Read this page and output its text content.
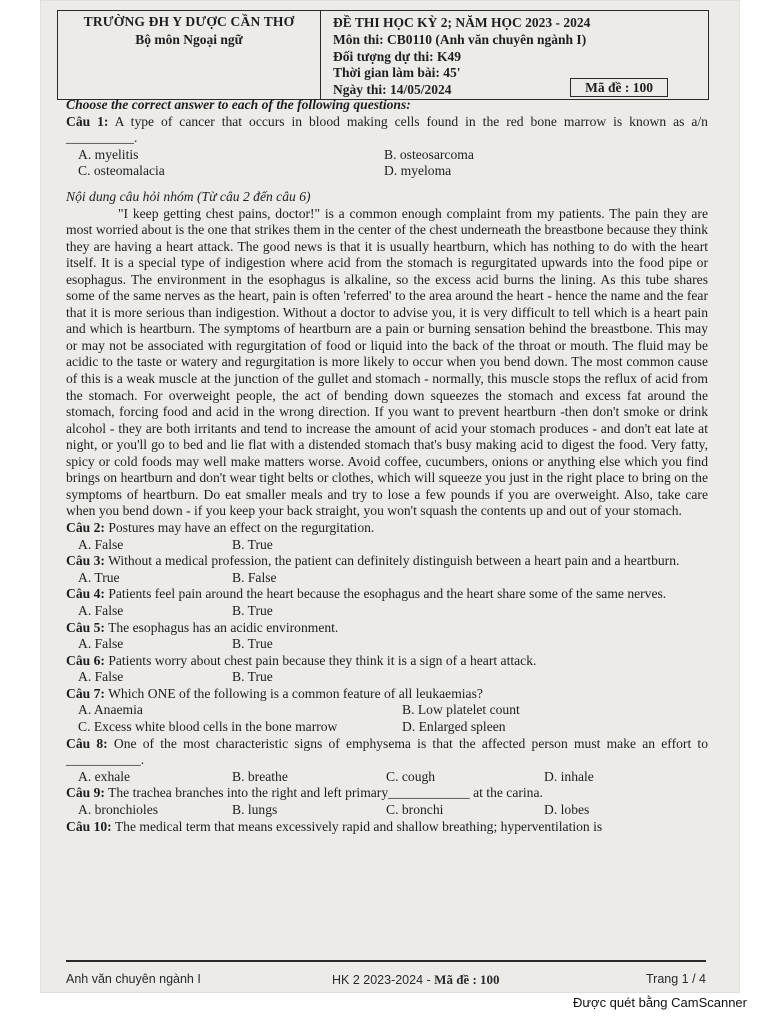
TRƯỜNG ĐH Y DƯỢC CẦN THƠ
Bộ môn Ngoại ngữ
ĐỀ THI HỌC KỲ 2; NĂM HỌC 2023 - 2024
Môn thi: CB0110 (Anh văn chuyên ngành I)
Đối tượng dự thi: K49
Thời gian làm bài: 45'
Ngày thi: 14/05/2024	Mã đề : 100

Choose the correct answer to each of the following questions:

Câu 1: A type of cancer that occurs in blood making cells found in the red bone marrow is known as a/n __________.

A. myelitis	B. osteosarcoma
C. osteomalacia	D. myeloma

Nội dung câu hỏi nhóm (Từ câu 2 đến câu 6)

"I keep getting chest pains, doctor!" is a common enough complaint from my patients. The pain they are most worried about is the one that strikes them in the center of the chest underneath the breastbone because they think they are having a heart attack. The good news is that it is usually heartburn, which has nothing to do with the heart itself. It is a special type of indigestion where acid from the stomach is regurgitated upwards into the food pipe or esophagus. The environment in the esophagus is alkaline, so the excess acid burns the lining. As this tube shares some of the same nerves as the heart, pain is often 'referred' to the area around the heart - hence the name and the fear that it is more serious than indigestion. Without a doctor to advise you, it is very difficult to tell which is a heart pain and which is heartburn. The symptoms of heartburn are a pain or burning sensation behind the breastbone. This may or may not be associated with regurgitation of food or liquid into the back of the throat or mouth. The fluid may be acidic to the taste or watery and regurgitation is more likely to occur when you bend down. The most common cause of this is a weak muscle at the junction of the gullet and stomach - normally, this muscle stops the reflux of acid from the stomach. For overweight people, the act of bending down squeezes the stomach and excess fat around the stomach, forcing food and acid in the wrong direction. If you want to prevent heartburn -then don't smoke or drink alcohol - they are both irritants and tend to increase the amount of acid your stomach produces - and don't eat late at night, or you'll go to bed and lie flat with a distended stomach that's busy making acid to digest the food. Very fatty, spicy or cold foods may well make matters worse. Avoid coffee, cucumbers, onions or anything else which you find brings on heartburn and don't wear tight belts or clothes, which will squeeze you just in the right place to bring on the symptoms of heartburn. Do eat smaller meals and try to lose a few pounds if you are overweight. Also, take care when you bend down - if you keep your back straight, you won't squash the contents up and out of your stomach.

Câu 2: Postures may have an effect on the regurgitation.

A. False	B. True

Câu 3: Without a medical profession, the patient can definitely distinguish between a heart pain and a heartburn.

A. True	B. False

Câu 4: Patients feel pain around the heart because the esophagus and the heart share some of the same nerves.

A. False	B. True

Câu 5: The esophagus has an acidic environment.

A. False	B. True

Câu 6: Patients worry about chest pain because they think it is a sign of a heart attack.

A. False	B. True

Câu 7: Which ONE of the following is a common feature of all leukaemias?

A. Anaemia	B. Low platelet count
C. Excess white blood cells in the bone marrow	D. Enlarged spleen

Câu 8: One of the most characteristic signs of emphysema is that the affected person must make an effort to ___________.

A. exhale	B. breathe	C. cough	D. inhale

Câu 9: The trachea branches into the right and left primary____________ at the carina.

A. bronchioles	B. lungs	C. bronchi	D. lobes

Câu 10: The medical term that means excessively rapid and shallow breathing; hyperventilation is

Anh văn chuyên ngành I	HK 2 2023-2024 - Mã đề : 100	Trang 1 / 4
Được quét bằng CamScanner
